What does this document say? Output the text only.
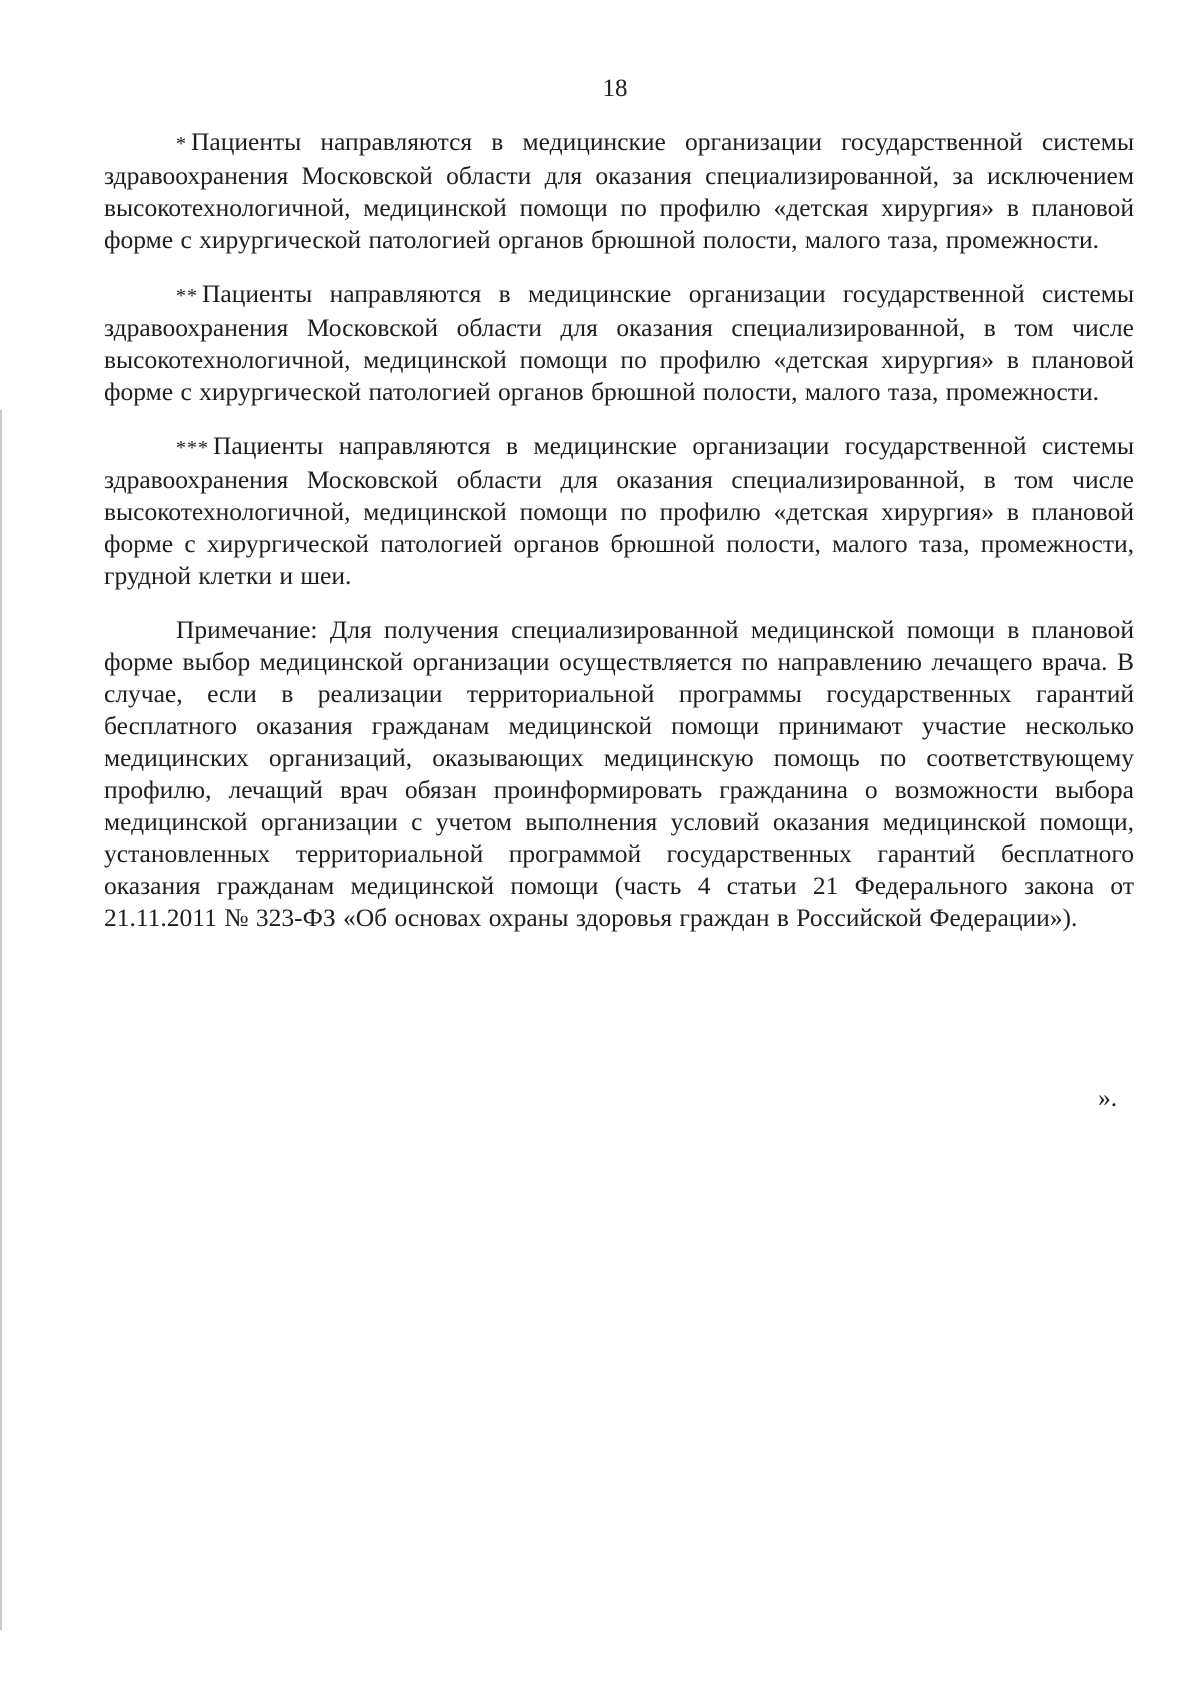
18

* Пациенты направляются в медицинские организации государственной системы здравоохранения Московской области для оказания специализированной, за исключением высокотехнологичной, медицинской помощи по профилю «детская хирургия» в плановой форме с хирургической патологией органов брюшной полости, малого таза, промежности.

** Пациенты направляются в медицинские организации государственной системы здравоохранения Московской области для оказания специализированной, в том числе высокотехнологичной, медицинской помощи по профилю «детская хирургия» в плановой форме с хирургической патологией органов брюшной полости, малого таза, промежности.

*** Пациенты направляются в медицинские организации государственной системы здравоохранения Московской области для оказания специализированной, в том числе высокотехнологичной, медицинской помощи по профилю «детская хирургия» в плановой форме с хирургической патологией органов брюшной полости, малого таза, промежности, грудной клетки и шеи.

Примечание: Для получения специализированной медицинской помощи в плановой форме выбор медицинской организации осуществляется по направлению лечащего врача. В случае, если в реализации территориальной программы государственных гарантий бесплатного оказания гражданам медицинской помощи принимают участие несколько медицинских организаций, оказывающих медицинскую помощь по соответствующему профилю, лечащий врач обязан проинформировать гражданина о возможности выбора медицинской организации с учетом выполнения условий оказания медицинской помощи, установленных территориальной программой государственных гарантий бесплатного оказания гражданам медицинской помощи (часть 4 статьи 21 Федерального закона от 21.11.2011 № 323-ФЗ «Об основах охраны здоровья граждан в Российской Федерации»).

».
